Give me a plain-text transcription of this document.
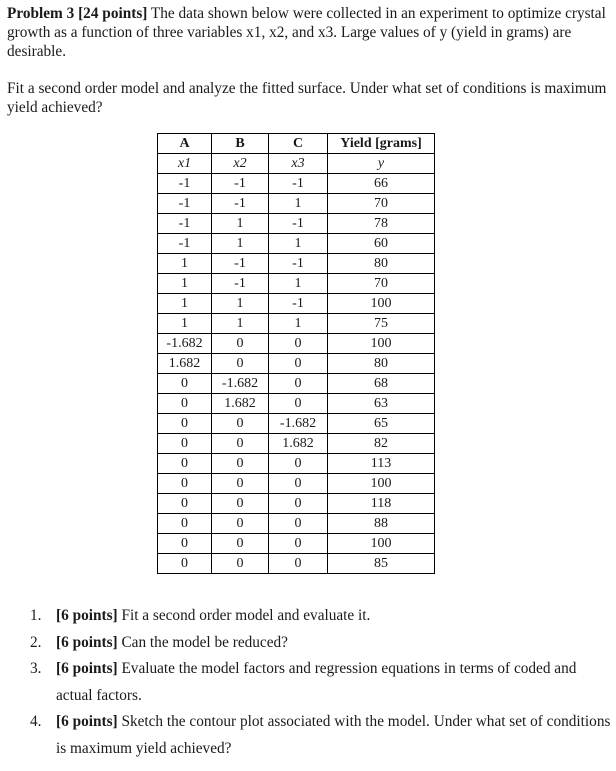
Problem 3 [24 points] The data shown below were collected in an experiment to optimize crystal growth as a function of three variables x1, x2, and x3. Large values of y (yield in grams) are desirable.
Fit a second order model and analyze the fitted surface. Under what set of conditions is maximum yield achieved?
A	B	C	Yield [grams]
x1	x2	x3	y
-1	-1	-1	66
-1	-1	1	70
-1	1	-1	78
-1	1	1	60
1	-1	-1	80
1	-1	1	70
1	1	-1	100
1	1	1	75
-1.682	0	0	100
1.682	0	0	80
0	-1.682	0	68
0	1.682	0	63
0	0	-1.682	65
0	0	1.682	82
0	0	0	113
0	0	0	100
0	0	0	118
0	0	0	88
0	0	0	100
0	0	0	85
1. [6 points] Fit a second order model and evaluate it.
2. [6 points] Can the model be reduced?
3. [6 points] Evaluate the model factors and regression equations in terms of coded and actual factors.
4. [6 points] Sketch the contour plot associated with the model. Under what set of conditions is maximum yield achieved?
